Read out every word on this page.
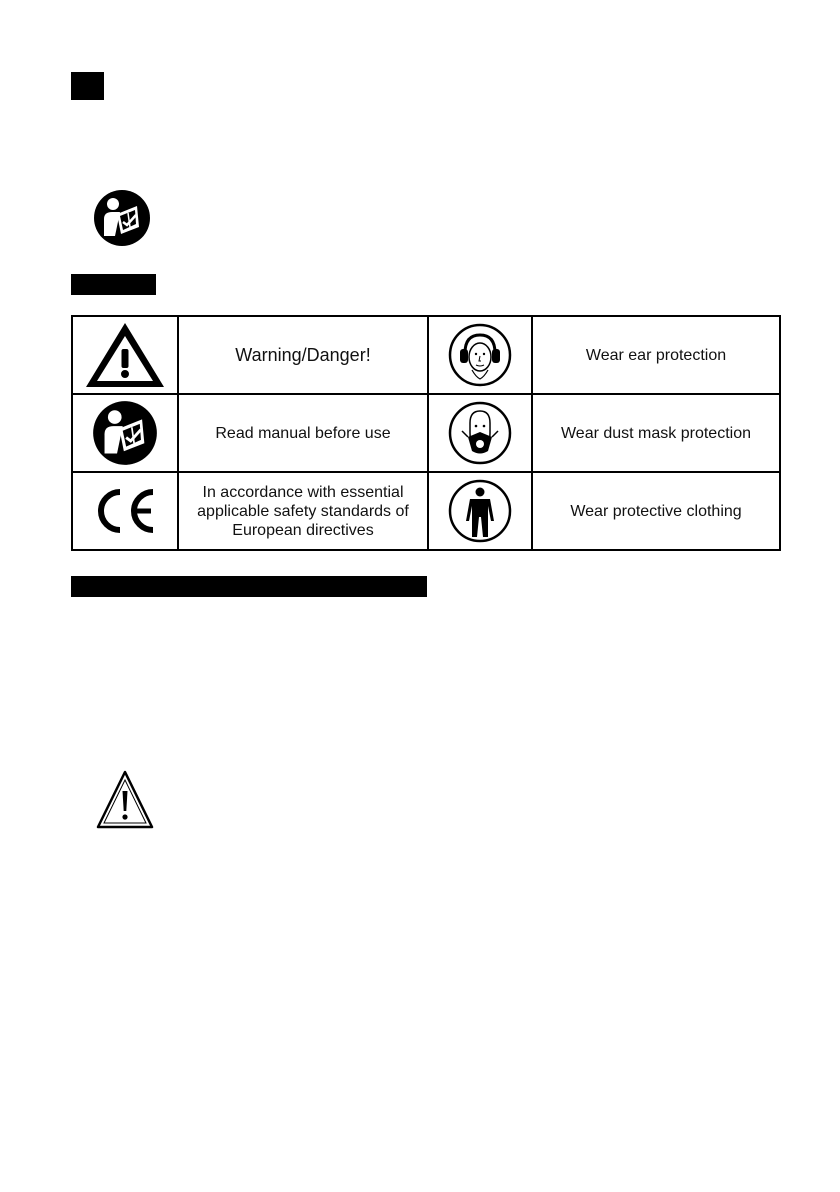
	Warning/Danger!		Wear ear protection

	Read manual before use		Wear dust mask protection

In accordance with essential
applicable safety standards of
European directives		Wear protective clothing
